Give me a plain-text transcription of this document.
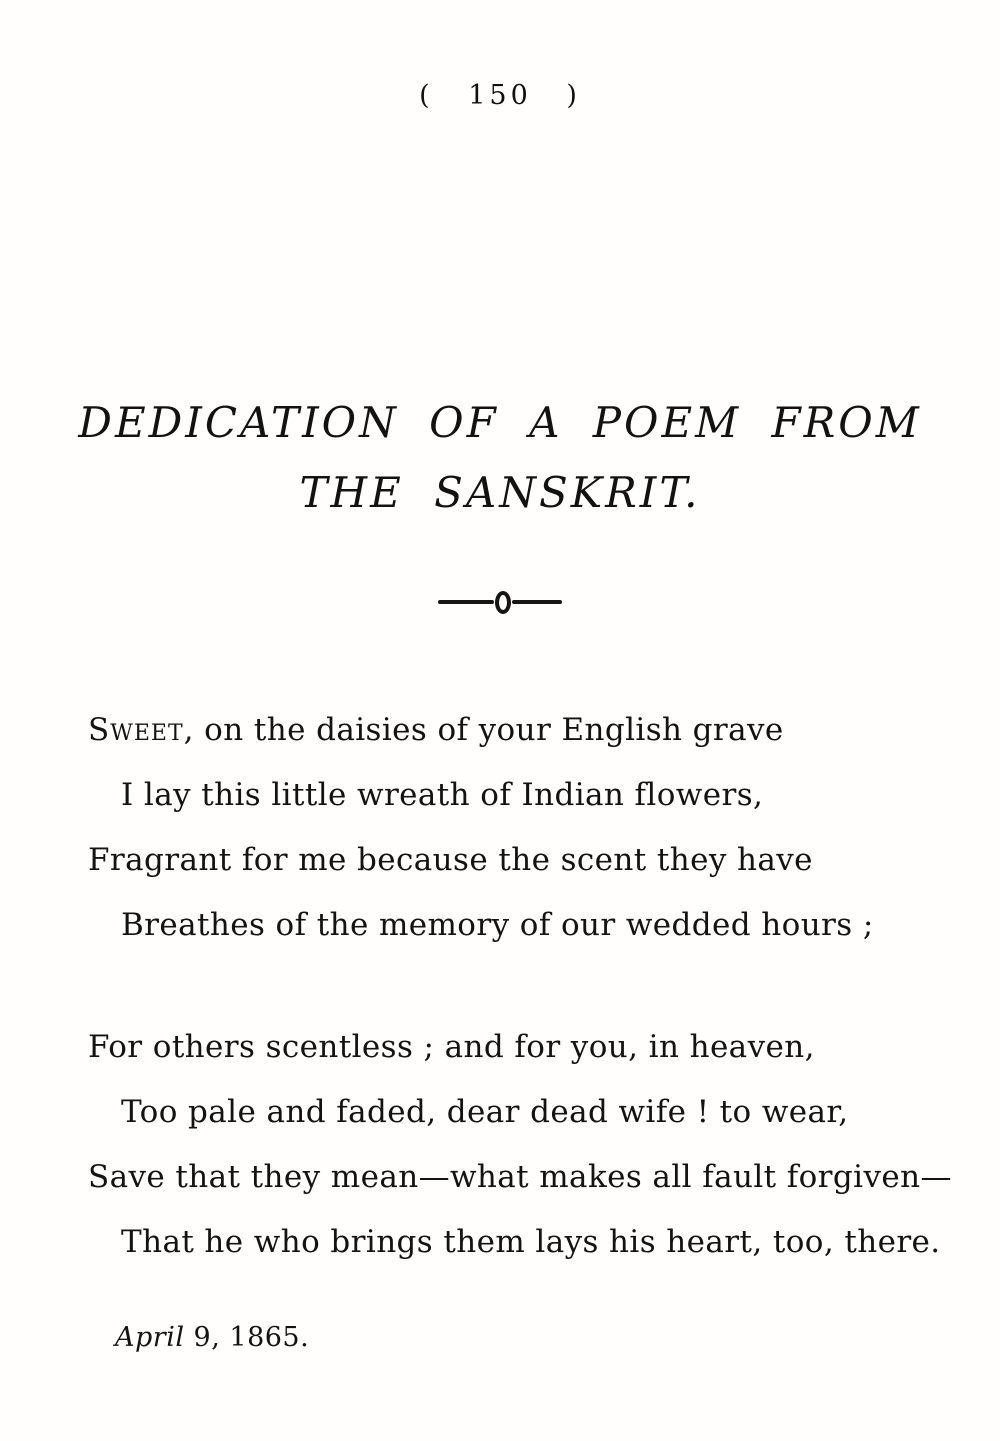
( 150 )
DEDICATION OF A POEM FROM
THE SANSKRIT.
Sweet, on the daisies of your English grave
I lay this little wreath of Indian flowers,
Fragrant for me because the scent they have
Breathes of the memory of our wedded hours ;
For others scentless ; and for you, in heaven,
Too pale and faded, dear dead wife ! to wear,
Save that they mean—what makes all fault forgiven—
That he who brings them lays his heart, too, there.
April 9, 1865.
